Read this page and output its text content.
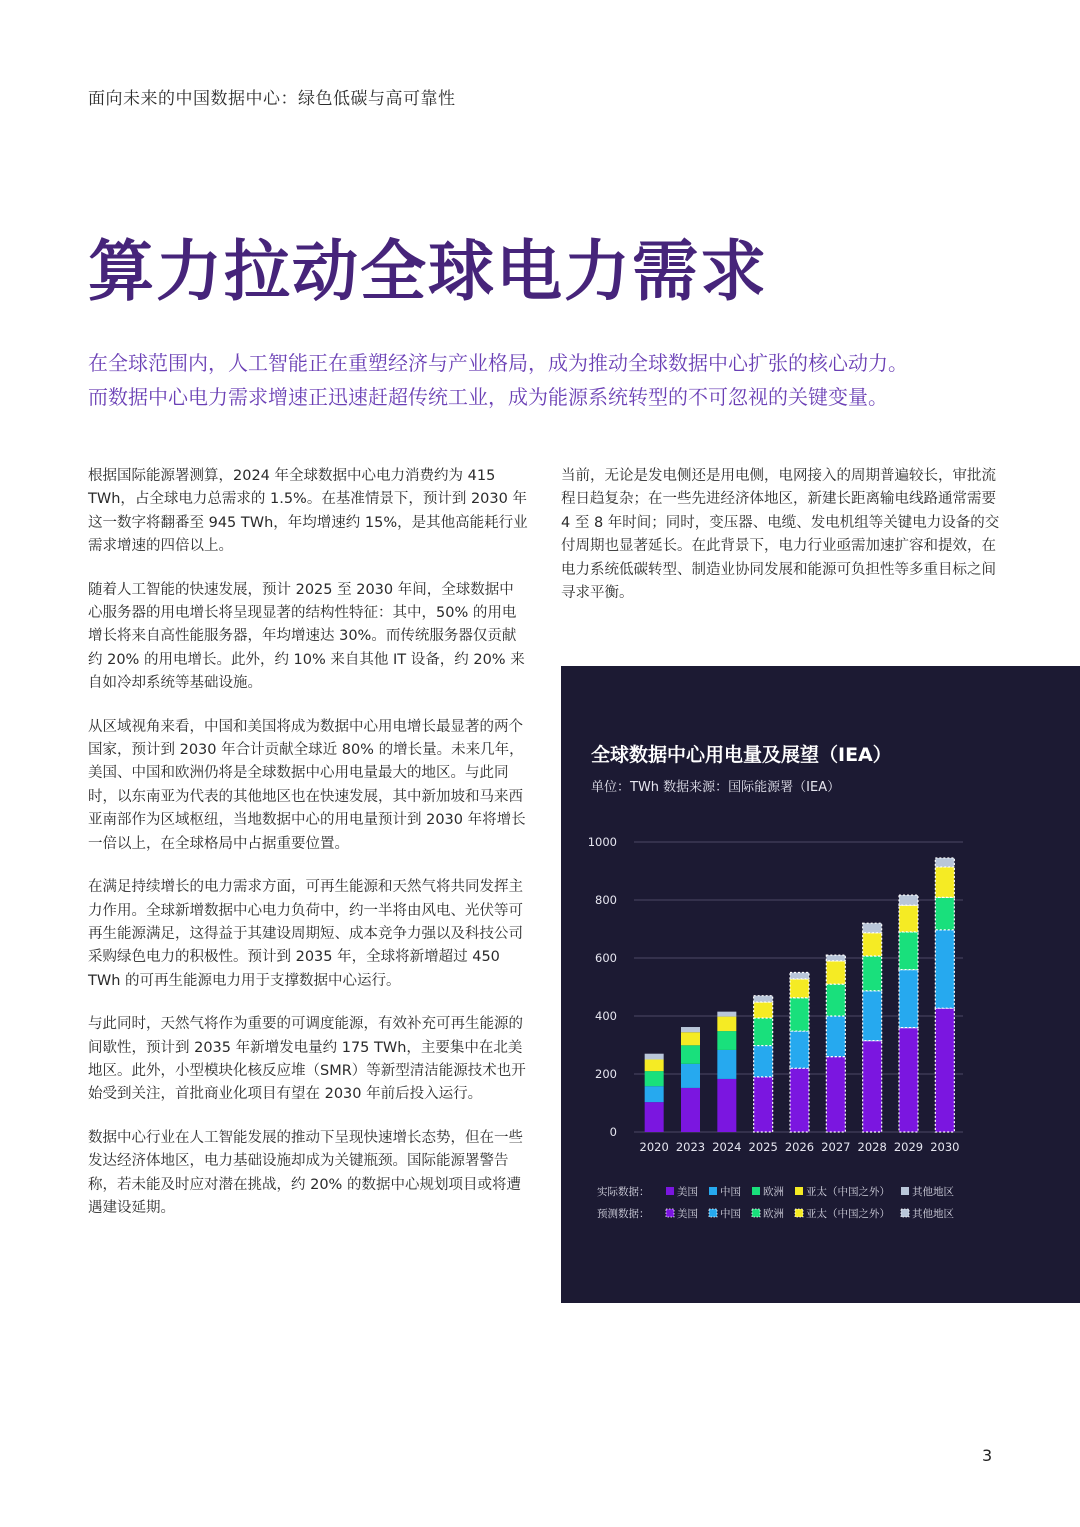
面向未来的中国数据中心：绿色低碳与高可靠性
算力拉动全球电力需求

在全球范围内，人工智能正在重塑经济与产业格局，成为推动全球数据中心扩张的核心动力。

而数据中心电力需求增速正迅速赶超传统工业，成为能源系统转型的不可忽视的关键变量。

根据国际能源署测算，2024 年全球数据中心电力消费约为 415 TWh，占全球电力总需求的 1.5%。在基准情景下，预计到 2030 年这一数字将翻番至 945 TWh，年均增速约 15%，是其他高能耗行业需求增速的四倍以上。

随着人工智能的快速发展，预计 2025 至 2030 年间，全球数据中心服务器的用电增长将呈现显著的结构性特征：其中，50% 的用电增长将来自高性能服务器，年均增速达 30%。而传统服务器仅贡献约 20% 的用电增长。此外，约 10% 来自其他 IT 设备，约 20% 来自如冷却系统等基础设施。

从区域视角来看，中国和美国将成为数据中心用电增长最显著的两个国家，预计到 2030 年合计贡献全球近 80% 的增长量。未来几年，美国、中国和欧洲仍将是全球数据中心用电量最大的地区。与此同时，以东南亚为代表的其他地区也在快速发展，其中新加坡和马来西亚南部作为区域枢纽，当地数据中心的用电量预计到 2030 年将增长一倍以上，在全球格局中占据重要位置。

在满足持续增长的电力需求方面，可再生能源和天然气将共同发挥主力作用。全球新增数据中心电力负荷中，约一半将由风电、光伏等可再生能源满足，这得益于其建设周期短、成本竞争力强以及科技公司采购绿色电力的积极性。预计到 2035 年，全球将新增超过 450 TWh 的可再生能源电力用于支撑数据中心运行。

与此同时，天然气将作为重要的可调度能源，有效补充可再生能源的间歇性，预计到 2035 年新增发电量约 175 TWh，主要集中在北美地区。此外，小型模块化核反应堆（SMR）等新型清洁能源技术也开始受到关注，首批商业化项目有望在 2030 年前后投入运行。

数据中心行业在人工智能发展的推动下呈现快速增长态势，但在一些发达经济体地区，电力基础设施却成为关键瓶颈。国际能源署警告称，若未能及时应对潜在挑战，约 20% 的数据中心规划项目或将遭遇建设延期。

当前，无论是发电侧还是用电侧，电网接入的周期普遍较长，审批流程日趋复杂；在一些先进经济体地区，新建长距离输电线路通常需要 4 至 8 年时间；同时，变压器、电缆、发电机组等关键电力设备的交付周期也显著延长。在此背景下，电力行业亟需加速扩容和提效，在电力系统低碳转型、制造业协同发展和能源可负担性等多重目标之间寻求平衡。

全球数据中心用电量及展望（IEA）
单位：TWh 数据来源：国际能源署（IEA）
0
200
400
600
800
1000
2020 2023 2024 2025 2026 2027 2028 2029 2030
实际数据：	美国 中国 欧洲 亚太（中国之外） 其他地区
预测数据：	美国 中国 欧洲 亚太（中国之外） 其他地区
3
